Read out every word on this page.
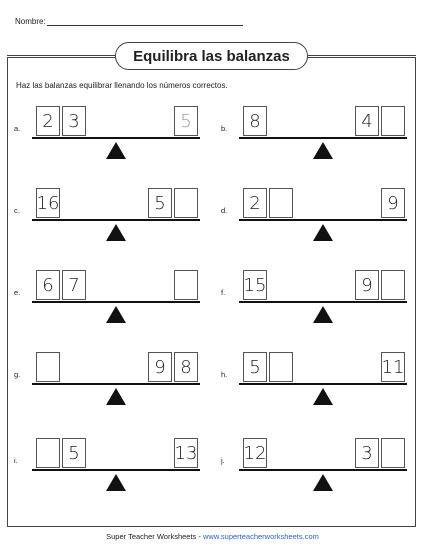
Nombre:
Equilibra las balanzas
Haz las balanzas equilibrar llenando los números correctos.
a.	2 3	5	b.	8	4
c. 16	5	d.	2	9
e.	6 7	f. 15	9
g.	9 8	h.	5	11
i.	5	13	j. 12	3
Super Teacher Worksheets - www.superteacherworksheets.com
